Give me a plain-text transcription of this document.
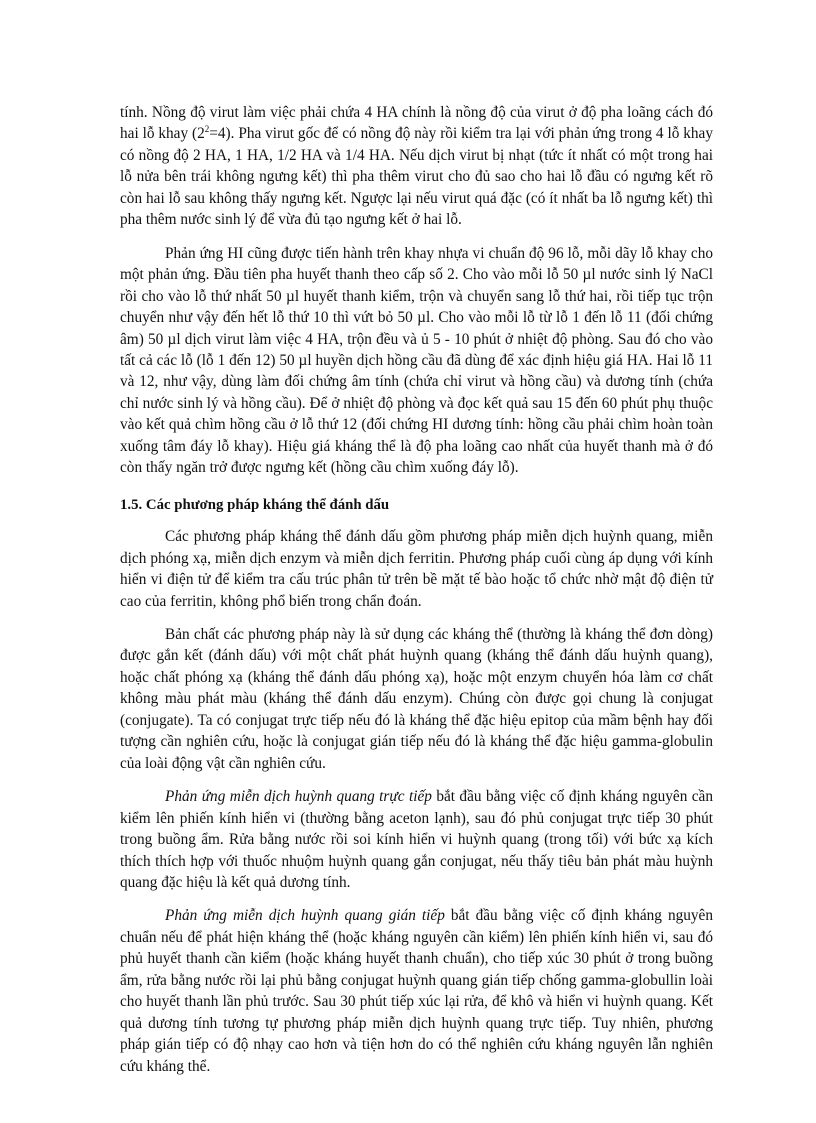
tính. Nồng độ virut làm việc phải chứa 4 HA chính là nồng độ của virut ở độ pha loãng cách đó hai lỗ khay $(2^2=4)$. Pha virut gốc để có nồng độ này rồi kiểm tra lại với phản ứng trong 4 lỗ khay có nồng độ 2 HA, 1 HA, 1/2 HA và 1/4 HA. Nếu dịch virut bị nhạt (tức ít nhất có một trong hai lỗ nửa bên trái không ngưng kết) thì pha thêm virut cho đủ sao cho hai lỗ đầu có ngưng kết rõ còn hai lỗ sau không thấy ngưng kết. Ngược lại nếu virut quá đặc (có ít nhất ba lỗ ngưng kết) thì pha thêm nước sinh lý để vừa đủ tạo ngưng kết ở hai lỗ.

Phản ứng HI cũng được tiến hành trên khay nhựa vi chuẩn độ 96 lỗ, mỗi dãy lỗ khay cho một phản ứng. Đầu tiên pha huyết thanh theo cấp số 2. Cho vào mỗi lỗ 50 µl nước sinh lý NaCl rồi cho vào lỗ thứ nhất 50 µl huyết thanh kiểm, trộn và chuyển sang lỗ thứ hai, rồi tiếp tục trộn chuyển như vậy đến hết lỗ thứ 10 thì vứt bỏ 50 µl. Cho vào mỗi lỗ từ lỗ 1 đến lỗ 11 (đối chứng âm) 50 µl dịch virut làm việc 4 HA, trộn đều và ủ 5 - 10 phút ở nhiệt độ phòng. Sau đó cho vào tất cả các lỗ (lỗ 1 đến 12) 50 µl huyền dịch hồng cầu đã dùng để xác định hiệu giá HA. Hai lỗ 11 và 12, như vậy, dùng làm đối chứng âm tính (chứa chỉ virut và hồng cầu) và dương tính (chứa chỉ nước sinh lý và hồng cầu). Để ở nhiệt độ phòng và đọc kết quả sau 15 đến 60 phút phụ thuộc vào kết quả chìm hồng cầu ở lỗ thứ 12 (đối chứng HI dương tính: hồng cầu phải chìm hoàn toàn xuống tâm đáy lỗ khay). Hiệu giá kháng thể là độ pha loãng cao nhất của huyết thanh mà ở đó còn thấy ngăn trở được ngưng kết (hồng cầu chìm xuống đáy lỗ).

1.5. Các phương pháp kháng thể đánh dấu

Các phương pháp kháng thể đánh dấu gồm phương pháp miễn dịch huỳnh quang, miễn dịch phóng xạ, miễn dịch enzym và miễn dịch ferritin. Phương pháp cuối cùng áp dụng với kính hiển vi điện tử để kiểm tra cấu trúc phân tử trên bề mặt tế bào hoặc tổ chức nhờ mật độ điện tử cao của ferritin, không phổ biến trong chẩn đoán.

Bản chất các phương pháp này là sử dụng các kháng thể (thường là kháng thể đơn dòng) được gắn kết (đánh dấu) với một chất phát huỳnh quang (kháng thể đánh dấu huỳnh quang), hoặc chất phóng xạ (kháng thể đánh dấu phóng xạ), hoặc một enzym chuyển hóa làm cơ chất không màu phát màu (kháng thể đánh dấu enzym). Chúng còn được gọi chung là conjugat (conjugate). Ta có conjugat trực tiếp nếu đó là kháng thể đặc hiệu epitop của mầm bệnh hay đối tượng cần nghiên cứu, hoặc là conjugat gián tiếp nếu đó là kháng thể đặc hiệu gamma-globulin của loài động vật cần nghiên cứu.

Phản ứng miễn dịch huỳnh quang trực tiếp bắt đầu bằng việc cố định kháng nguyên cần kiểm lên phiến kính hiển vi (thường bằng aceton lạnh), sau đó phủ conjugat trực tiếp 30 phút trong buồng ẩm. Rửa bằng nước rồi soi kính hiển vi huỳnh quang (trong tối) với bức xạ kích thích thích hợp với thuốc nhuộm huỳnh quang gắn conjugat, nếu thấy tiêu bản phát màu huỳnh quang đặc hiệu là kết quả dương tính.

Phản ứng miễn dịch huỳnh quang gián tiếp bắt đầu bằng việc cố định kháng nguyên chuẩn nếu để phát hiện kháng thể (hoặc kháng nguyên cần kiểm) lên phiến kính hiển vi, sau đó phủ huyết thanh cần kiểm (hoặc kháng huyết thanh chuẩn), cho tiếp xúc 30 phút ở trong buồng ẩm, rửa bằng nước rồi lại phủ bằng conjugat huỳnh quang gián tiếp chống gamma-globullin loài cho huyết thanh lần phủ trước. Sau 30 phút tiếp xúc lại rửa, để khô và hiển vi huỳnh quang. Kết quả dương tính tương tự phương pháp miễn dịch huỳnh quang trực tiếp. Tuy nhiên, phương pháp gián tiếp có độ nhạy cao hơn và tiện hơn do có thể nghiên cứu kháng nguyên lẫn nghiên cứu kháng thể.
